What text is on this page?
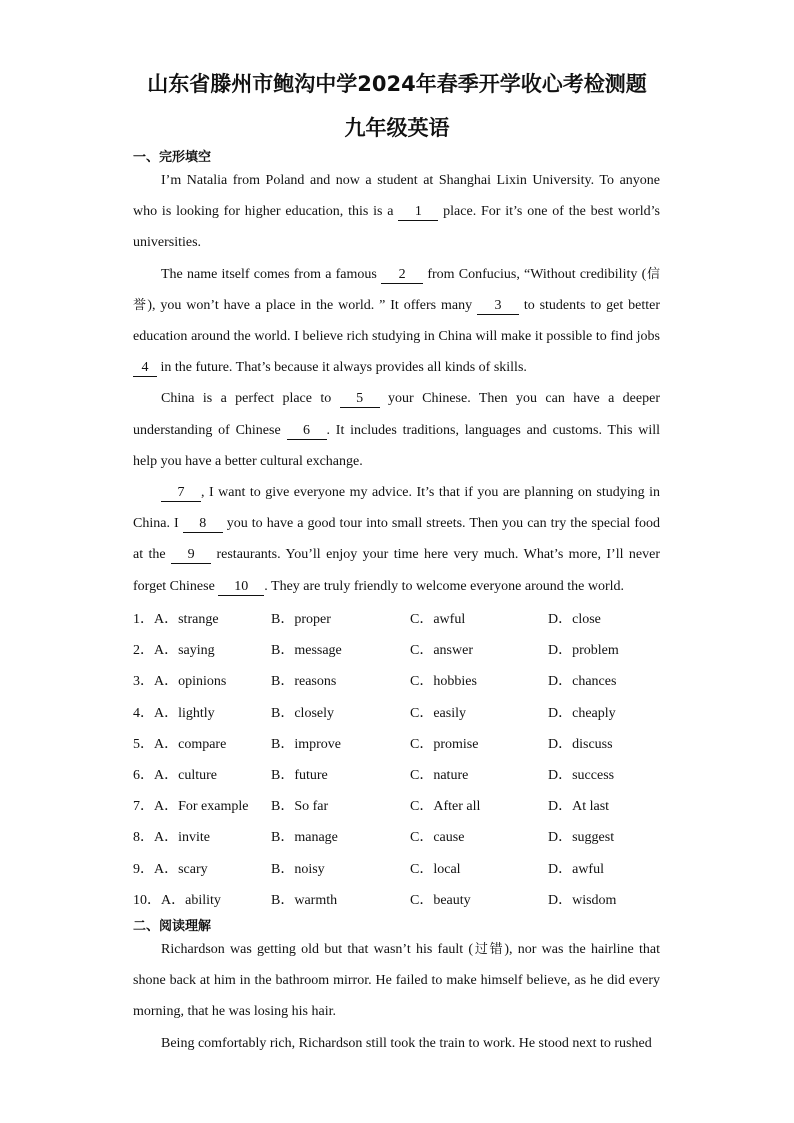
山东省滕州市鲍沟中学2024年春季开学收心考检测题
九年级英语
一、完形填空

I’m Natalia from Poland and now a student at Shanghai Lixin University. To anyone who is looking for higher education, this is a 1 place. For it’s one of the best world’s universities.

The name itself comes from a famous 2 from Confucius, “Without credibility (信誉), you won’t have a place in the world. ” It offers many 3 to students to get better education around the world. I believe rich studying in China will make it possible to find jobs 4 in the future. That’s because it always provides all kinds of skills.

China is a perfect place to 5 your Chinese. Then you can have a deeper understanding of Chinese 6 . It includes traditions, languages and customs. This will help you have a better cultural exchange.

7 , I want to give everyone my advice. It’s that if you are planning on studying in China. I 8 you to have a good tour into small streets. Then you can try the special food at the 9 restaurants. You’ll enjoy your time here very much. What’s more, I’ll never forget Chinese 10 . They are truly friendly to welcome everyone around the world.

1．A．strange	B．proper	C．awful	D．close
2．A．saying	B．message	C．answer	D．problem
3．A．opinions	B．reasons	C．hobbies	D．chances
4．A．lightly	B．closely	C．easily	D．cheaply
5．A．compare	B．improve	C．promise	D．discuss
6．A．culture	B．future	C．nature	D．success
7．A．For example B．So far	C．After all	D．At last
8．A．invite	B．manage	C．cause	D．suggest
9．A．scary	B．noisy	C．local	D．awful
10．A．ability	B．warmth	C．beauty	D．wisdom
二、阅读理解

Richardson was getting old but that wasn’t his fault (过错), nor was the hairline that shone back at him in the bathroom mirror. He failed to make himself believe, as he did every morning, that he was losing his hair.

Being comfortably rich, Richardson still took the train to work. He stood next to rushed
